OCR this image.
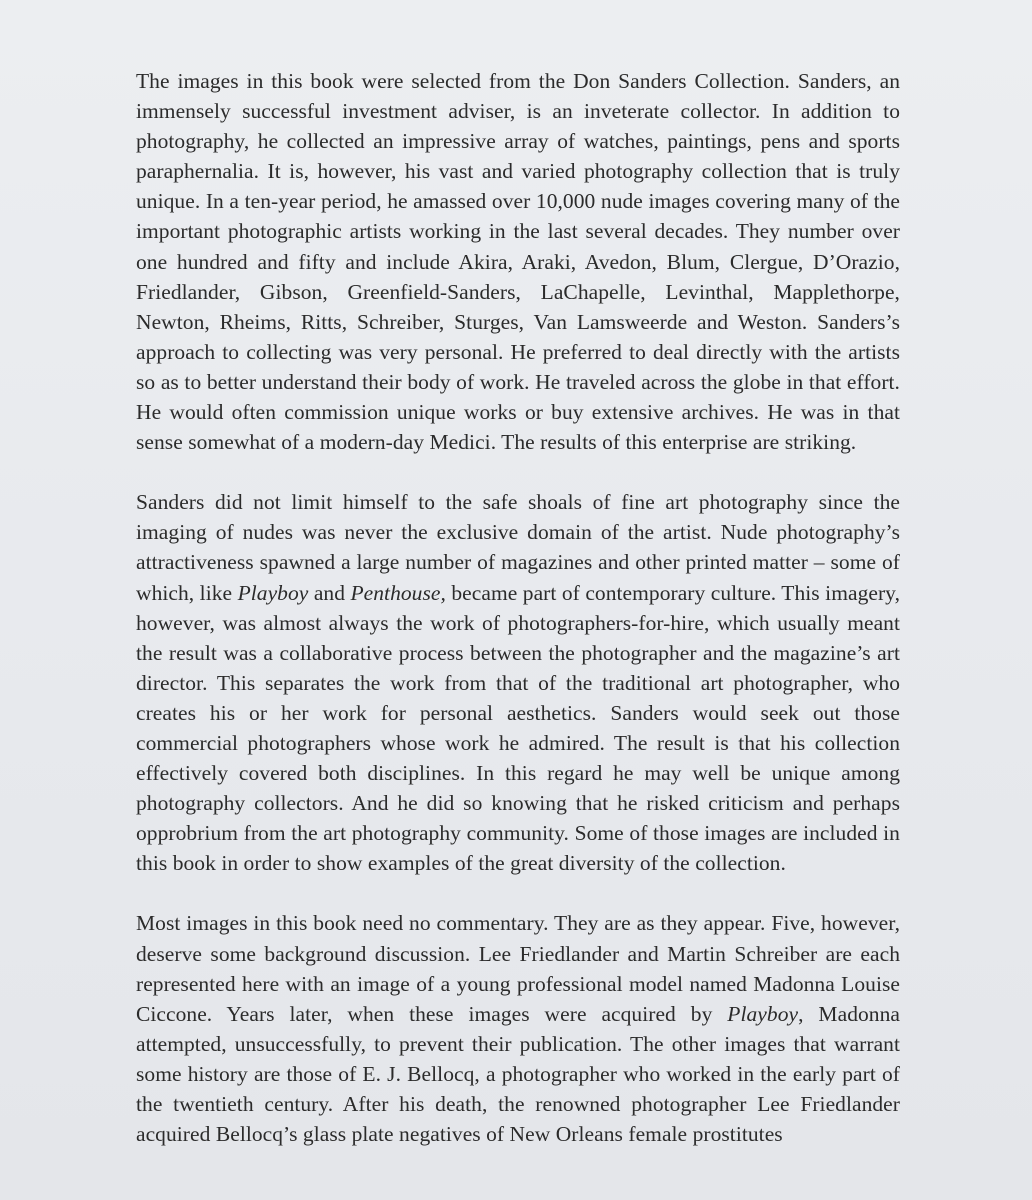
The images in this book were selected from the Don Sanders Collection. Sanders, an immensely successful investment adviser, is an inveterate collector. In addition to photography, he collected an impressive array of watches, paintings, pens and sports paraphernalia. It is, however, his vast and varied photography collection that is truly unique. In a ten-year period, he amassed over 10,000 nude images covering many of the important photographic artists working in the last several decades. They number over one hundred and fifty and include Akira, Araki, Avedon, Blum, Clergue, D’Orazio, Friedlander, Gibson, Greenfield-Sanders, LaChapelle, Levinthal, Mapplethorpe, Newton, Rheims, Ritts, Schreiber, Sturges, Van Lamsweerde and Weston. Sanders’s approach to collecting was very personal. He preferred to deal directly with the artists so as to better understand their body of work. He traveled across the globe in that effort. He would often commission unique works or buy extensive archives. He was in that sense somewhat of a modern-day Medici. The results of this enterprise are striking.

Sanders did not limit himself to the safe shoals of fine art photography since the imaging of nudes was never the exclusive domain of the artist. Nude photography’s attractiveness spawned a large number of magazines and other printed matter – some of which, like Playboy and Penthouse, became part of contemporary culture. This imagery, however, was almost always the work of photographers-for-hire, which usually meant the result was a collaborative process between the photographer and the magazine’s art director. This separates the work from that of the traditional art photographer, who creates his or her work for personal aesthetics. Sanders would seek out those commercial photographers whose work he admired. The result is that his collection effectively covered both disciplines. In this regard he may well be unique among photography collectors. And he did so knowing that he risked criticism and perhaps opprobrium from the art photography community. Some of those images are included in this book in order to show examples of the great diversity of the collection.

Most images in this book need no commentary. They are as they appear. Five, however, deserve some background discussion. Lee Friedlander and Martin Schreiber are each represented here with an image of a young professional model named Madonna Louise Ciccone. Years later, when these images were acquired by Playboy, Madonna attempted, unsuccessfully, to prevent their publication. The other images that warrant some history are those of E. J. Bellocq, a photographer who worked in the early part of the twentieth century. After his death, the renowned photographer Lee Friedlander acquired Bellocq’s glass plate negatives of New Orleans female prostitutes
